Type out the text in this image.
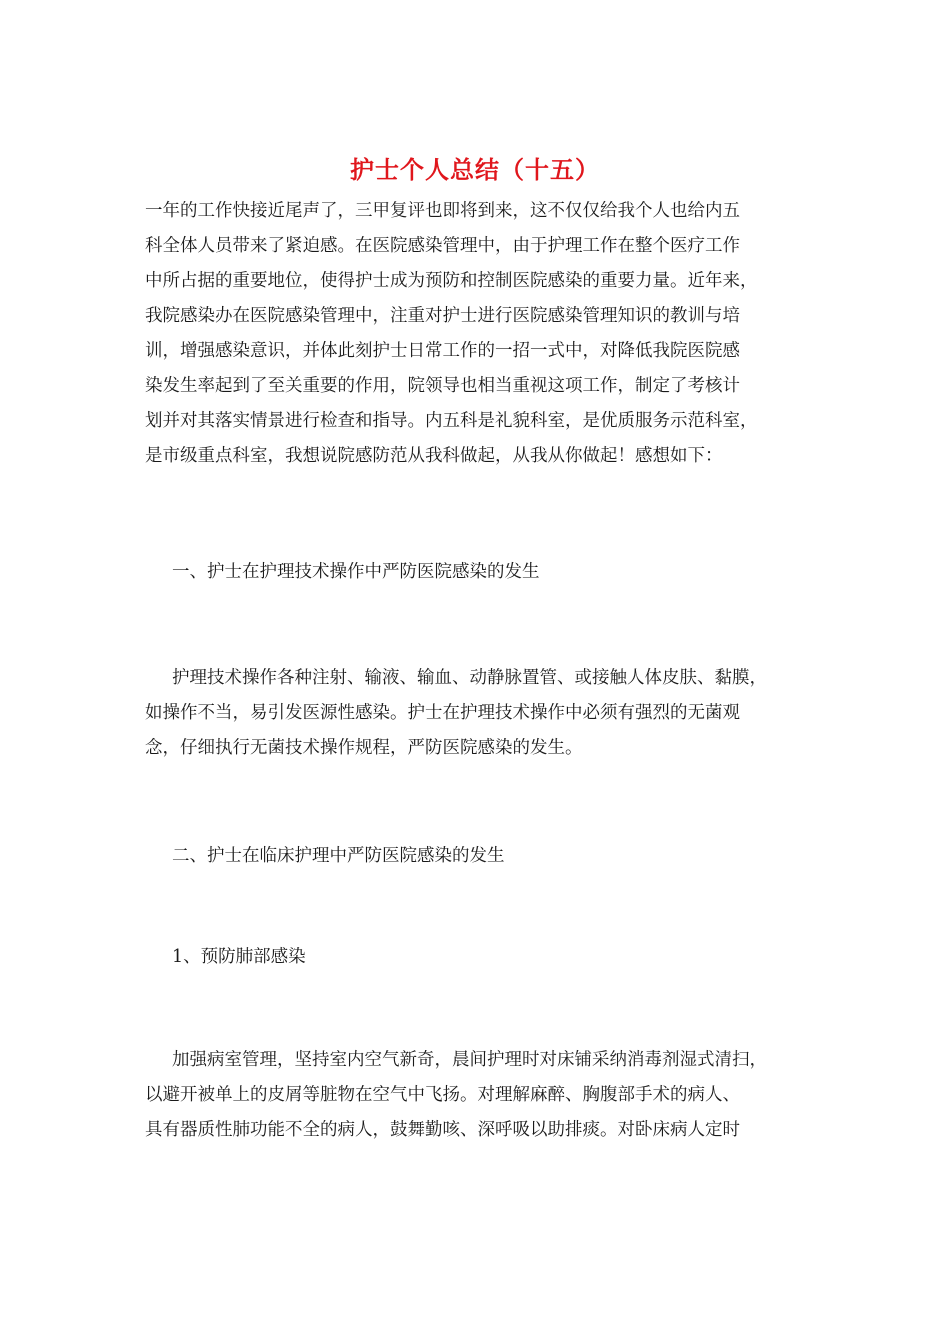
护士个人总结（十五）
一年的工作快接近尾声了，三甲复评也即将到来，这不仅仅给我个人也给内五
科全体人员带来了紧迫感。在医院感染管理中，由于护理工作在整个医疗工作
中所占据的重要地位，使得护士成为预防和控制医院感染的重要力量。近年来，
我院感染办在医院感染管理中，注重对护士进行医院感染管理知识的教训与培
训，增强感染意识，并体此刻护士日常工作的一招一式中，对降低我院医院感
染发生率起到了至关重要的作用，院领导也相当重视这项工作，制定了考核计
划并对其落实情景进行检查和指导。内五科是礼貌科室，是优质服务示范科室，
是市级重点科室，我想说院感防范从我科做起，从我从你做起！感想如下：
一、护士在护理技术操作中严防医院感染的发生
护理技术操作各种注射、输液、输血、动静脉置管、或接触人体皮肤、黏膜，
如操作不当，易引发医源性感染。护士在护理技术操作中必须有强烈的无菌观
念，仔细执行无菌技术操作规程，严防医院感染的发生。
二、护士在临床护理中严防医院感染的发生
1、预防肺部感染
加强病室管理，坚持室内空气新奇，晨间护理时对床铺采纳消毒剂湿式清扫，
以避开被单上的皮屑等脏物在空气中飞扬。对理解麻醉、胸腹部手术的病人、
具有器质性肺功能不全的病人，鼓舞勤咳、深呼吸以助排痰。对卧床病人定时
